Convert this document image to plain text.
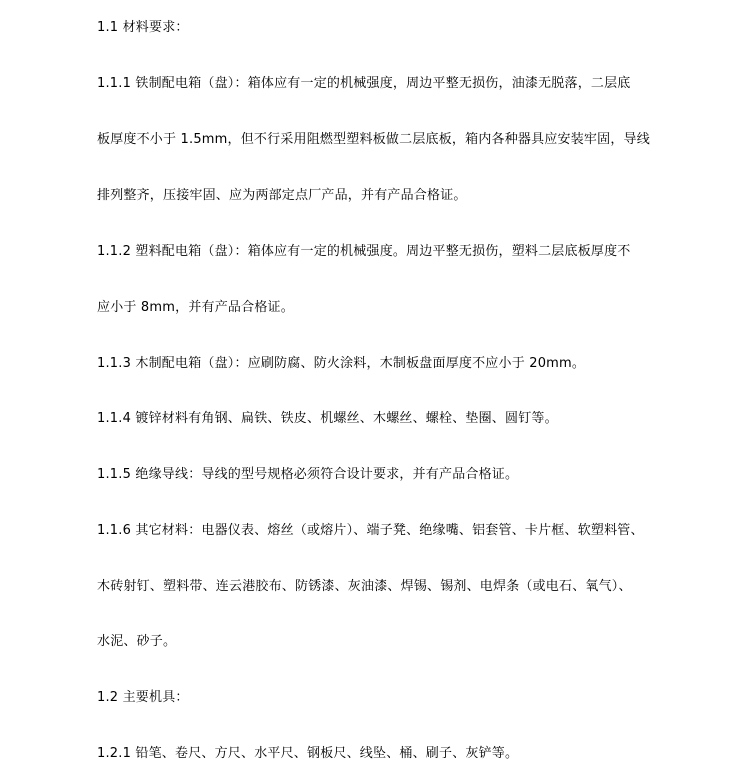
1.1 材料要求：
1.1.1 铁制配电箱（盘）：箱体应有一定的机械强度，周边平整无损伤，油漆无脱落，二层底
板厚度不小于 1.5mm，但不行采用阻燃型塑料板做二层底板，箱内各种器具应安装牢固，导线
排列整齐，压接牢固、应为两部定点厂产品，并有产品合格证。
1.1.2 塑料配电箱（盘）：箱体应有一定的机械强度。周边平整无损伤，塑料二层底板厚度不
应小于 8mm，并有产品合格证。
1.1.3 木制配电箱（盘）：应刷防腐、防火涂料，木制板盘面厚度不应小于 20mm。
1.1.4 镀锌材料有角钢、扁铁、铁皮、机螺丝、木螺丝、螺栓、垫圈、圆钉等。
1.1.5 绝缘导线：导线的型号规格必须符合设计要求，并有产品合格证。
1.1.6 其它材料：电器仪表、熔丝（或熔片）、端子凳、绝缘嘴、铝套管、卡片框、软塑料管、
木砖射钉、塑料带、连云港胶布、防锈漆、灰油漆、焊锡、锡剂、电焊条（或电石、氧气）、
水泥、砂子。
1.2 主要机具：
1.2.1 铅笔、卷尺、方尺、水平尺、钢板尺、线坠、桶、刷子、灰铲等。
